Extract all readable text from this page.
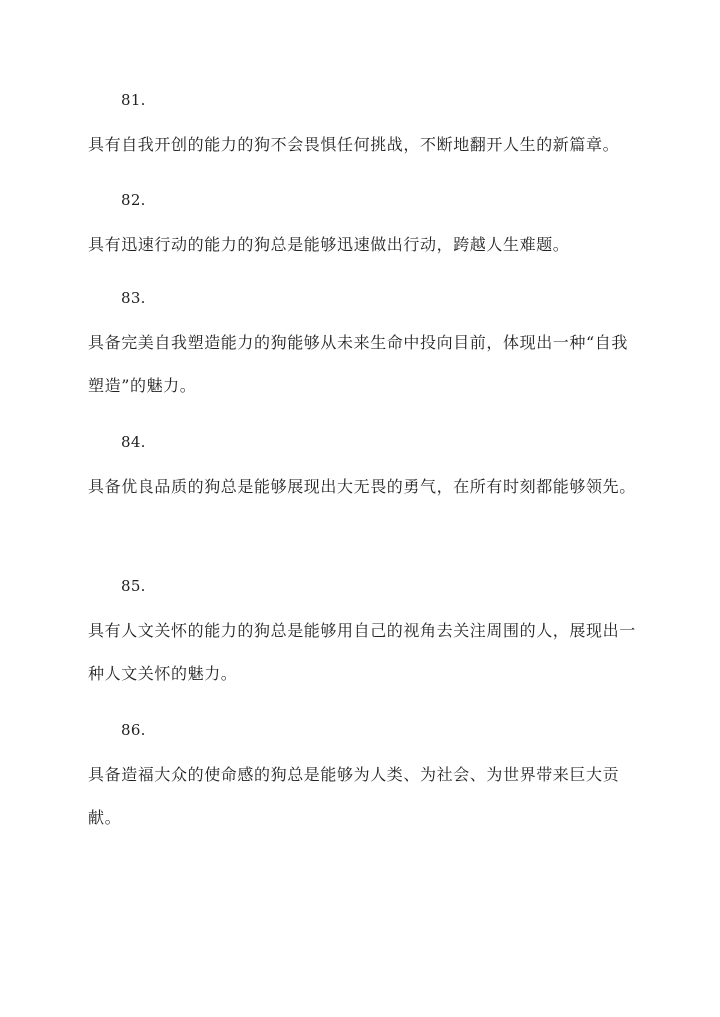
81.
具有自我开创的能力的狗不会畏惧任何挑战，不断地翻开人生的新篇章。
82.
具有迅速行动的能力的狗总是能够迅速做出行动，跨越人生难题。
83.
具备完美自我塑造能力的狗能够从未来生命中投向目前，体现出一种“自我塑造”的魅力。
84.
具备优良品质的狗总是能够展现出大无畏的勇气，在所有时刻都能够领先。
85.
具有人文关怀的能力的狗总是能够用自己的视角去关注周围的人，展现出一种人文关怀的魅力。
86.
具备造福大众的使命感的狗总是能够为人类、为社会、为世界带来巨大贡献。
